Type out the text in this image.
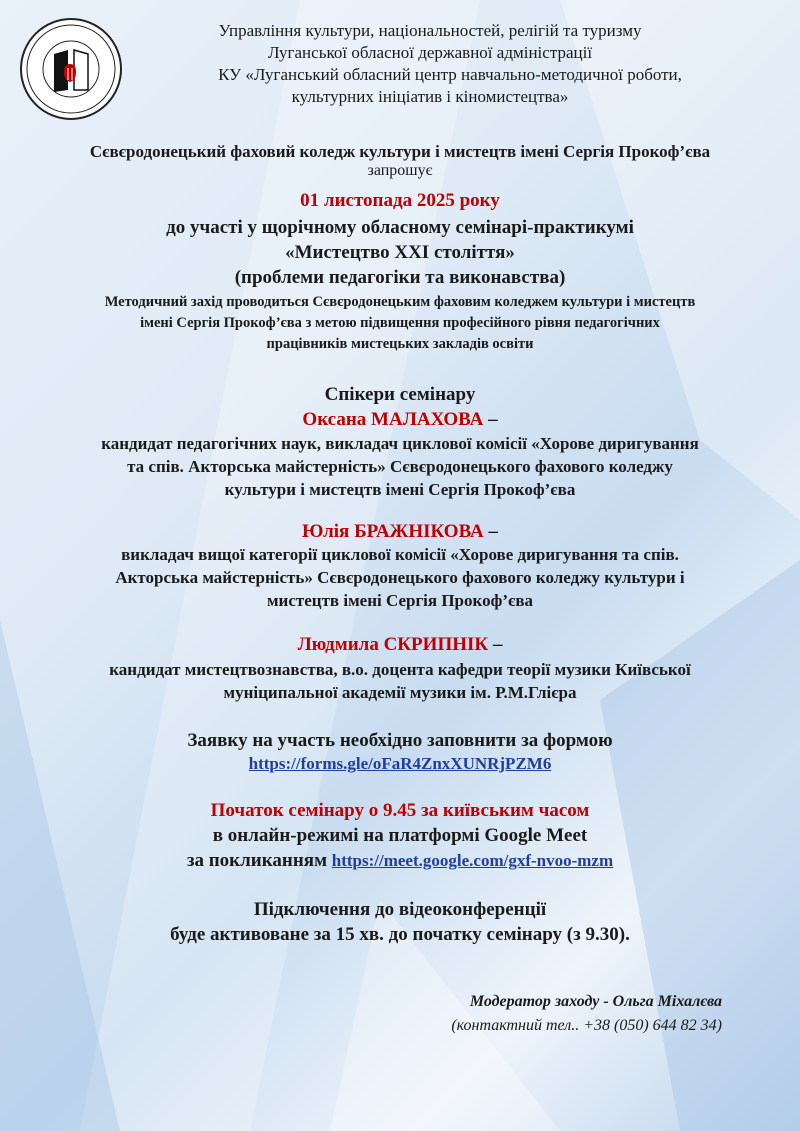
Управління культури, національностей, релігій та туризму
Луганської обласної державної адміністрації
КУ «Луганський обласний центр навчально-методичної роботи,
культурних ініціатив і кіномистецтва»
Сєвєродонецький фаховий коледж культури і мистецтв імені Сергія Прокоф’єва
запрошує
01 листопада 2025 року
до участі у щорічному обласному семінарі-практикумі
«Мистецтво ХХІ століття»
(проблеми педагогіки та виконавства)
Методичний захід проводиться Сєвєродонецьким фаховим коледжем культури і мистецтв
імені Сергія Прокоф’єва з метою підвищення професійного рівня педагогічних
працівників мистецьких закладів освіти
Спікери семінару
Оксана МАЛАХОВА –
кандидат педагогічних наук, викладач циклової комісії «Хорове диригування
та спів. Акторська майстерність» Сєвєродонецького фахового коледжу
культури і мистецтв імені Сергія Прокоф’єва
Юлія БРАЖНІКОВА –
викладач вищої категорії циклової комісії «Хорове диригування та спів.
Акторська майстерність» Сєвєродонецького фахового коледжу культури і
мистецтв імені Сергія Прокоф’єва
Людмила СКРИПНІК –
кандидат мистецтвознавства, в.о. доцента кафедри теорії музики Київської
муніципальної академії музики ім. Р.М.Глієра
Заявку на участь необхідно заповнити за формою
https://forms.gle/oFaR4ZnxXUNRjPZM6
Початок семінару о 9.45 за київським часом
в онлайн-режимі на платформі Google Meet
за покликанням https://meet.google.com/gxf-nvoo-mzm
Підключення до відеоконференції
буде активоване за 15 хв. до початку семінару (з 9.30).
Модератор заходу - Ольга Міхалєва
(контактний тел.. +38 (050) 644 82 34)
